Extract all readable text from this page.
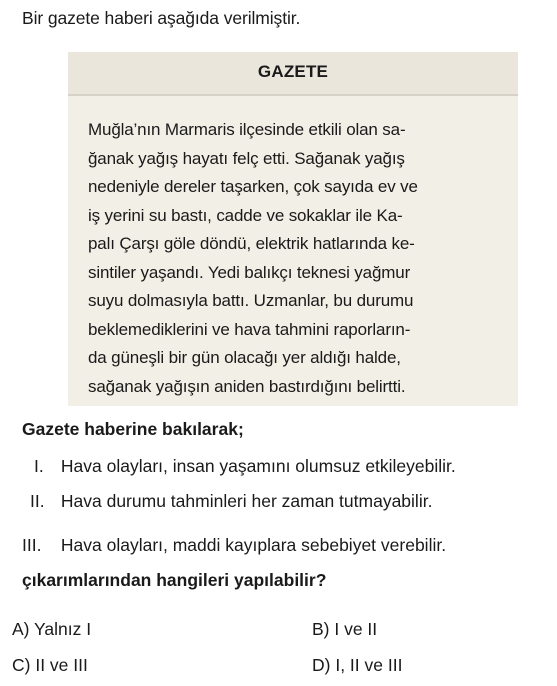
Bir gazete haberi aşağıda verilmiştir.
GAZETE
Muğla’nın Marmaris ilçesinde etkili olan sa-
ğanak yağış hayatı felç etti. Sağanak yağış
nedeniyle dereler taşarken, çok sayıda ev ve
iş yerini su bastı, cadde ve sokaklar ile Ka-
palı Çarşı göle döndü, elektrik hatlarında ke-
sintiler yaşandı. Yedi balıkçı teknesi yağmur
suyu dolmasıyla battı. Uzmanlar, bu durumu
beklemediklerini ve hava tahmini raporların-
da güneşli bir gün olacağı yer aldığı halde,
sağanak yağışın aniden bastırdığını belirtti.
Gazete haberine bakılarak;
I. Hava olayları, insan yaşamını olumsuz etkileyebilir.
II. Hava durumu tahminleri her zaman tutmayabilir.
III. Hava olayları, maddi kayıplara sebebiyet verebilir.
çıkarımlarından hangileri yapılabilir?
A) Yalnız I	B) I ve II
C) II ve III	D) I, II ve III
